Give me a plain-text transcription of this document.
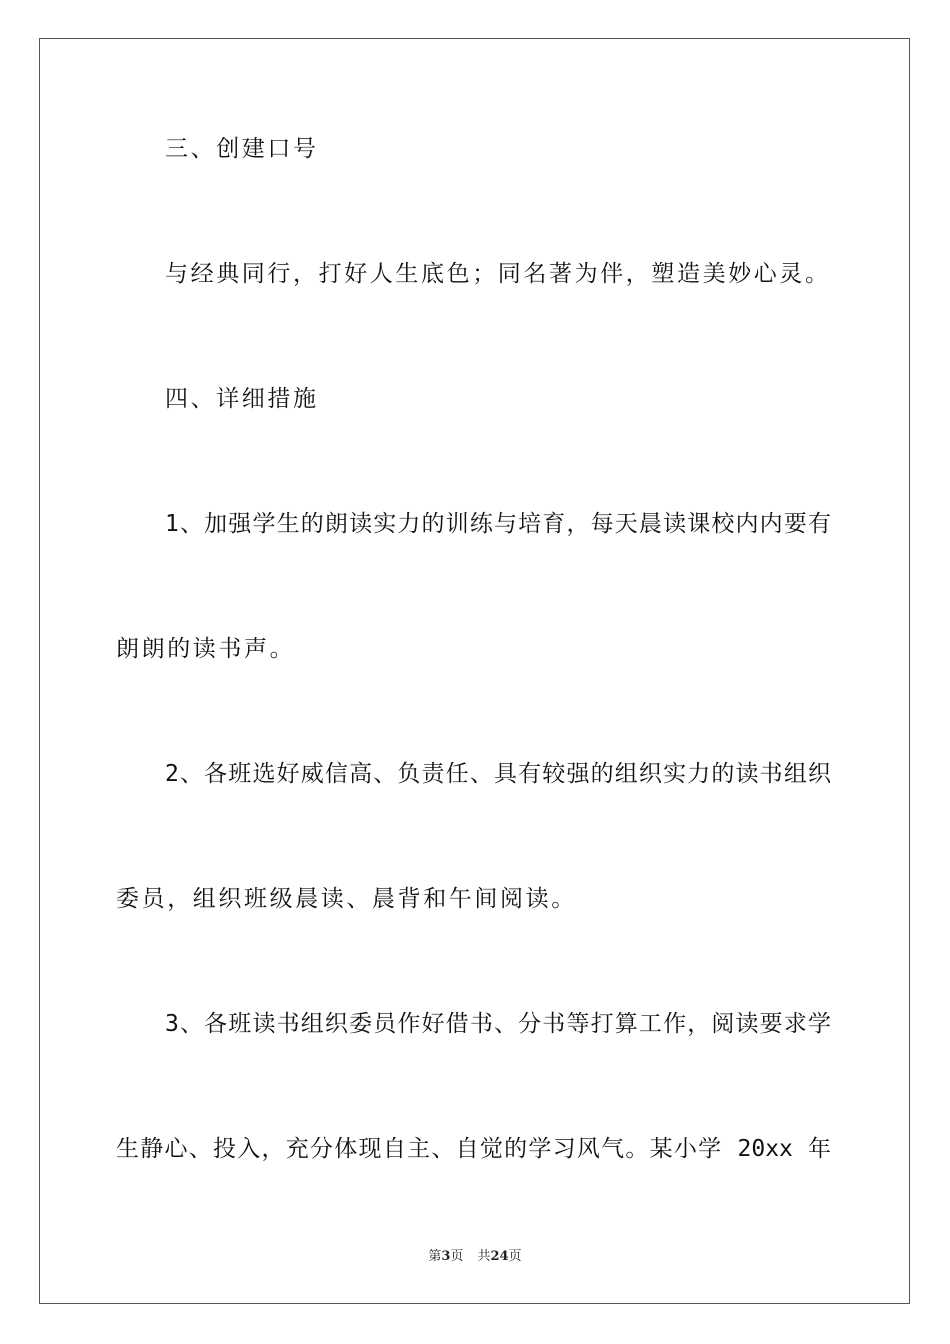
三、创建口号

与经典同行，打好人生底色；同名著为伴，塑造美妙心灵。

四、详细措施

1、加强学生的朗读实力的训练与培育，每天晨读课校内内要有

朗朗的读书声。

2、各班选好威信高、负责任、具有较强的组织实力的读书组织

委员，组织班级晨读、晨背和午间阅读。

3、各班读书组织委员作好借书、分书等打算工作，阅读要求学

生静心、投入，充分体现自主、自觉的学习风气。某小学 20xx 年

第3页 共24页
